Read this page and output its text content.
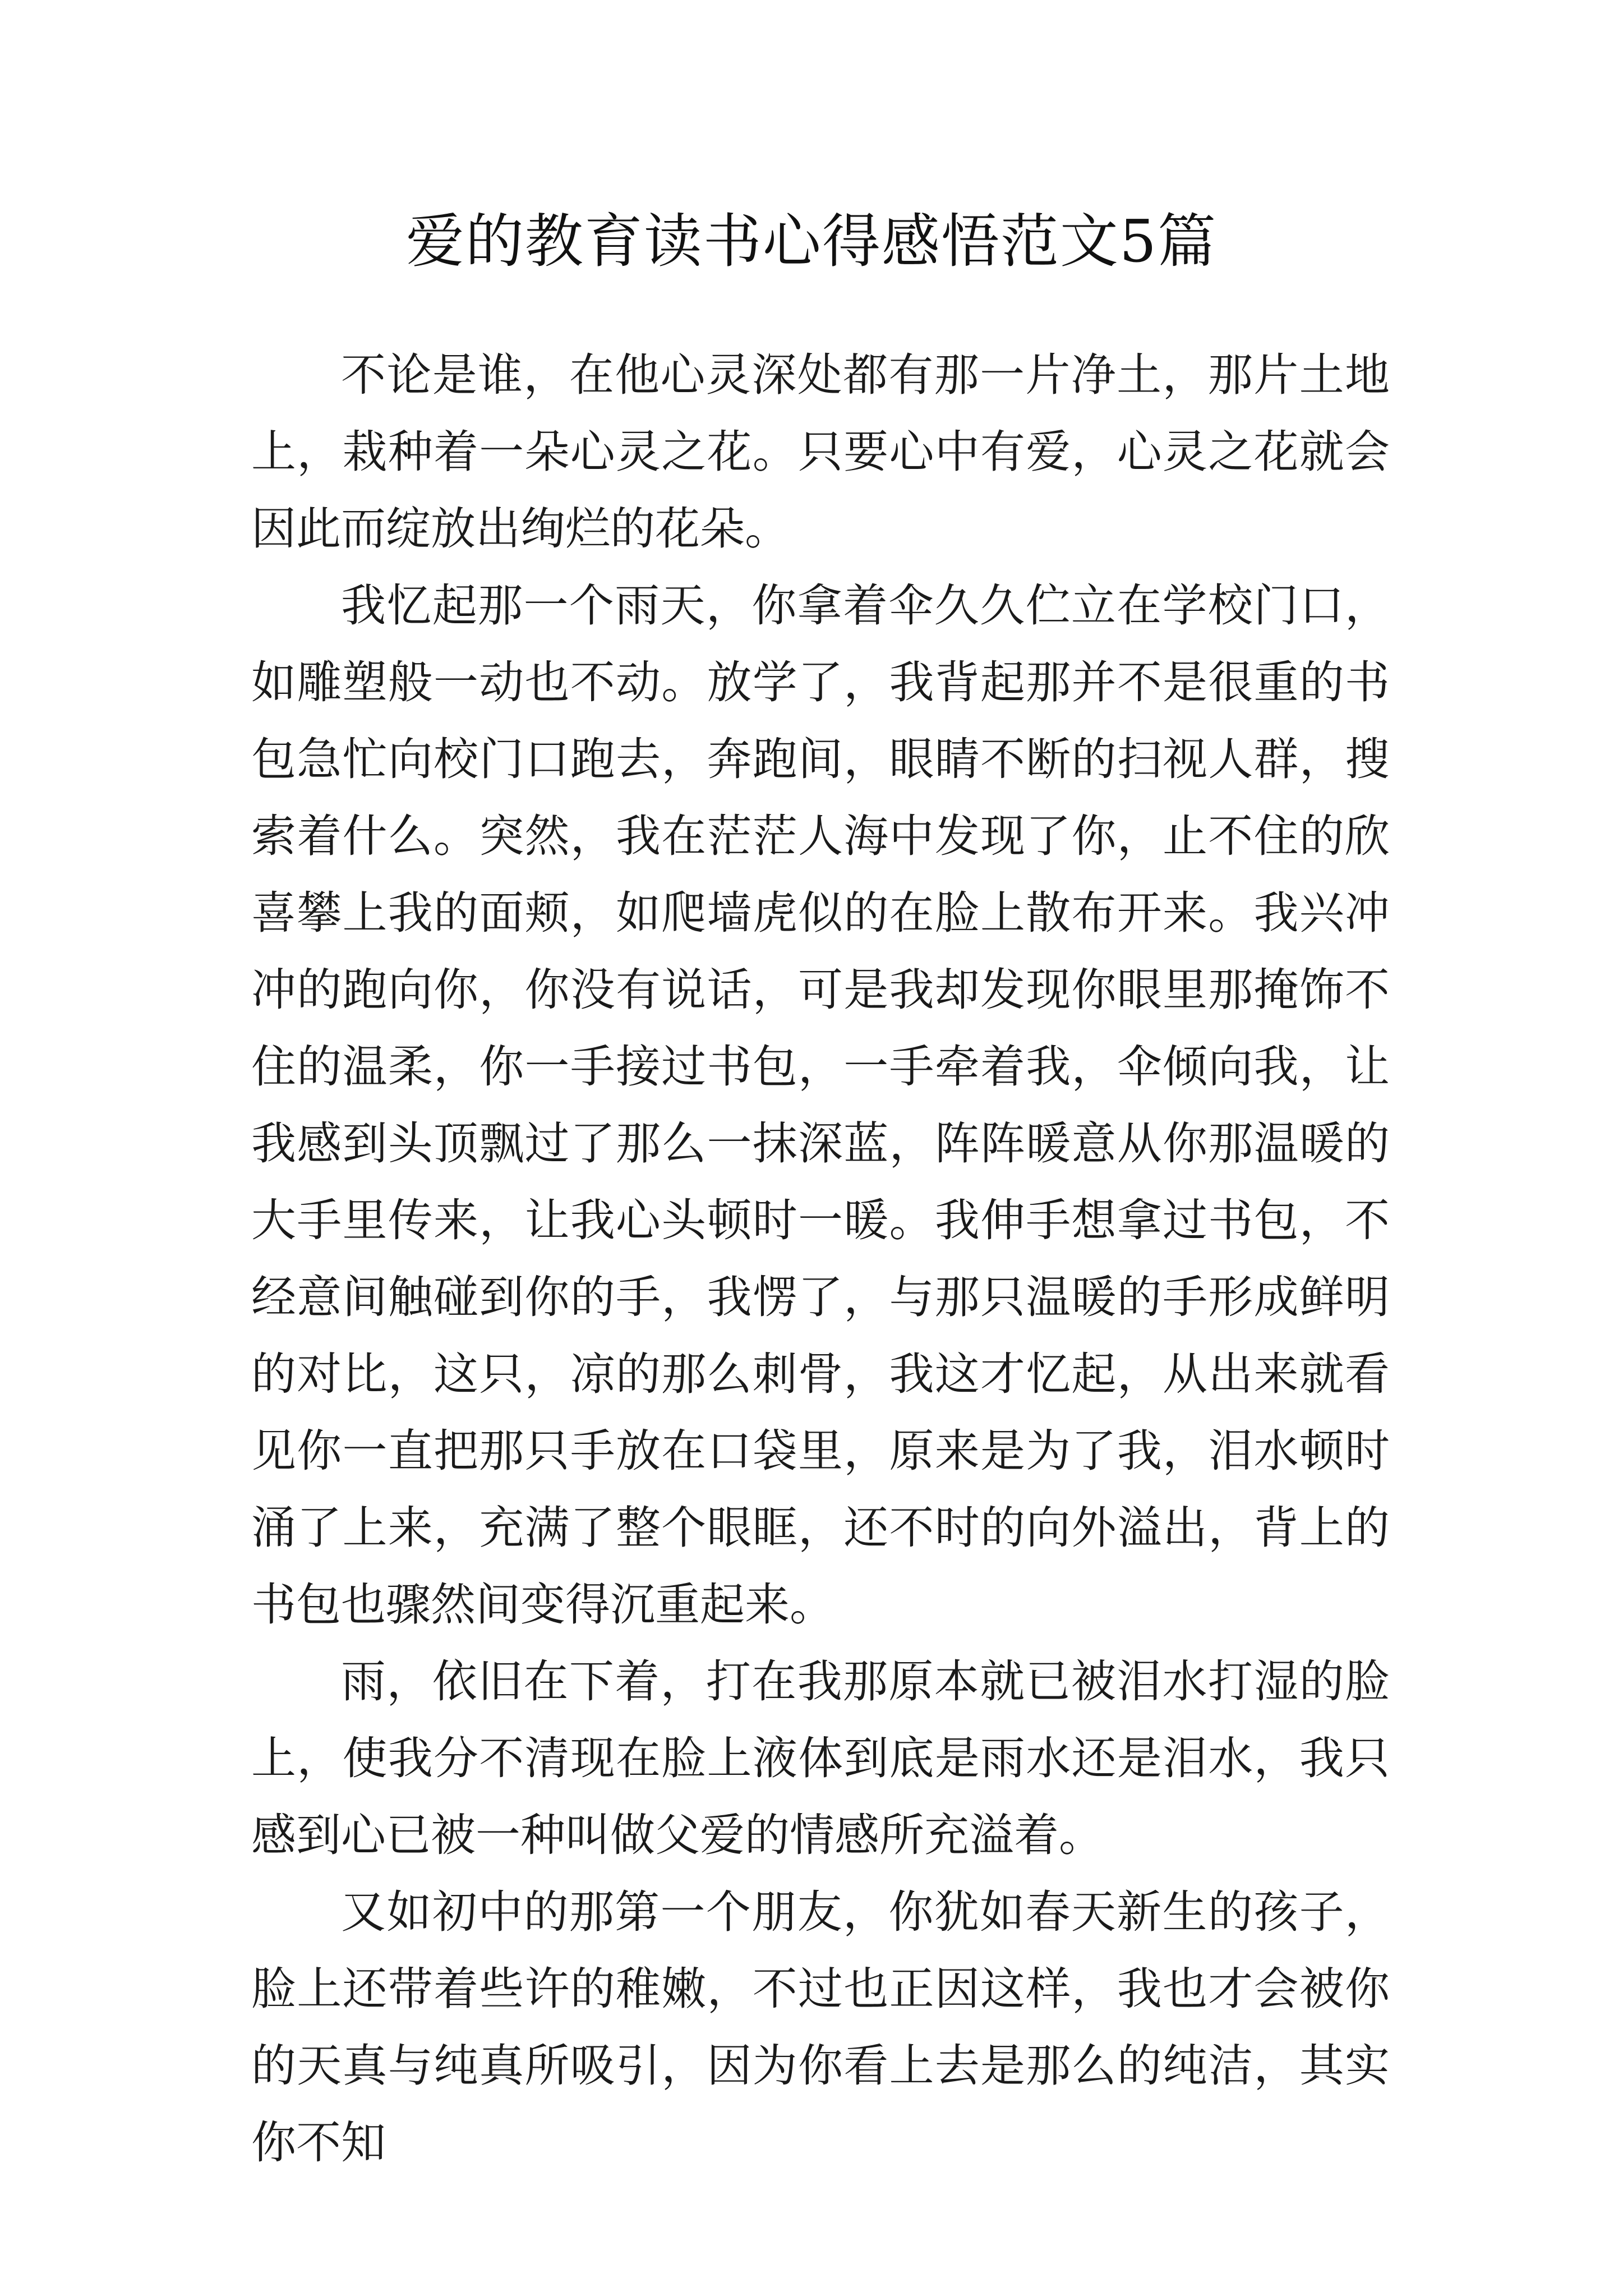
爱的教育读书心得感悟范文5篇

不论是谁，在他心灵深处都有那一片净土，那片土地上，栽种着一朵心灵之花。只要心中有爱，心灵之花就会因此而绽放出绚烂的花朵。

我忆起那一个雨天，你拿着伞久久伫立在学校门口，如雕塑般一动也不动。放学了，我背起那并不是很重的书包急忙向校门口跑去，奔跑间，眼睛不断的扫视人群，搜索着什么。突然，我在茫茫人海中发现了你，止不住的欣喜攀上我的面颊，如爬墙虎似的在脸上散布开来。我兴冲冲的跑向你，你没有说话，可是我却发现你眼里那掩饰不住的温柔，你一手接过书包，一手牵着我，伞倾向我，让我感到头顶飘过了那么一抹深蓝，阵阵暖意从你那温暖的大手里传来，让我心头顿时一暖。我伸手想拿过书包，不经意间触碰到你的手，我愣了，与那只温暖的手形成鲜明的对比，这只，凉的那么刺骨，我这才忆起，从出来就看见你一直把那只手放在口袋里，原来是为了我，泪水顿时涌了上来，充满了整个眼眶，还不时的向外溢出，背上的书包也骤然间变得沉重起来。

雨，依旧在下着，打在我那原本就已被泪水打湿的脸上，使我分不清现在脸上液体到底是雨水还是泪水，我只感到心已被一种叫做父爱的情感所充溢着。

又如初中的那第一个朋友，你犹如春天新生的孩子，脸上还带着些许的稚嫩，不过也正因这样，我也才会被你的天真与纯真所吸引，因为你看上去是那么的纯洁，其实你不知
